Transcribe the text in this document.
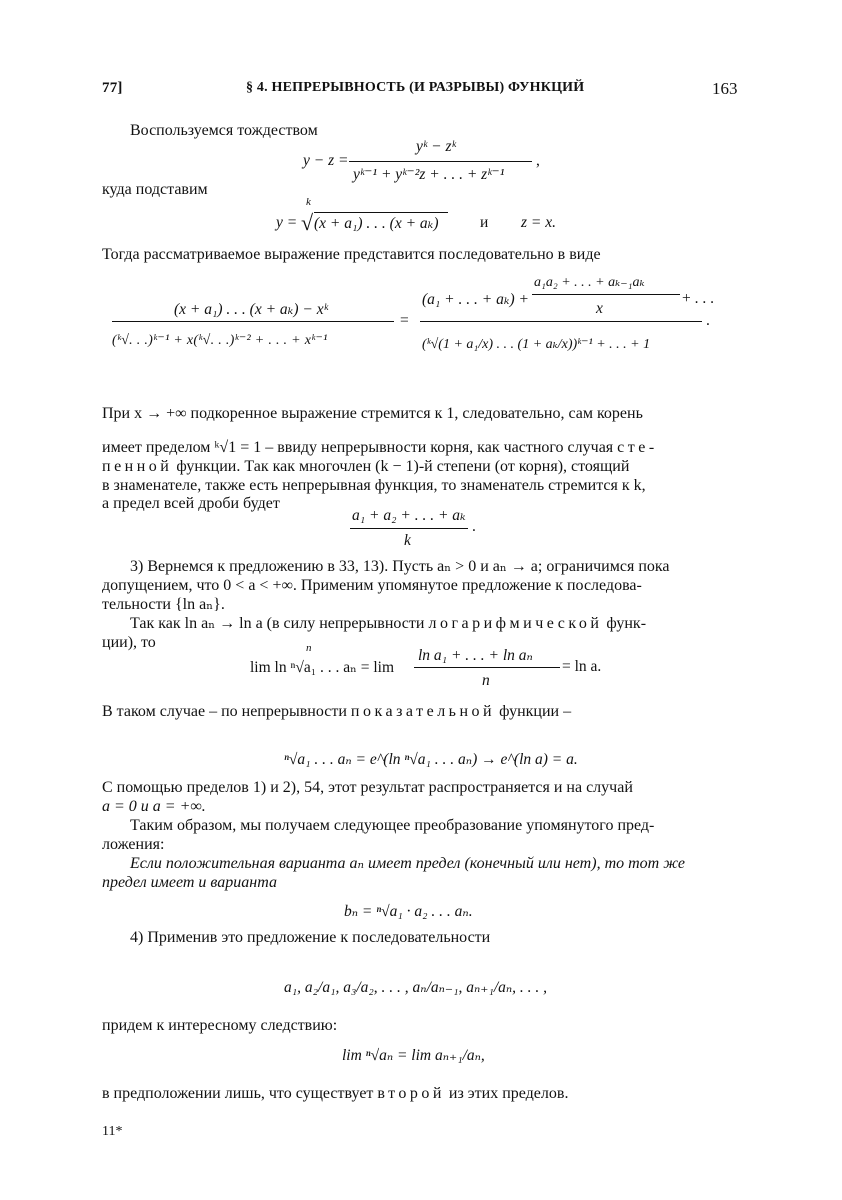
77]	§ 4. НЕПРЕРЫВНОСТЬ (И РАЗРЫВЫ) ФУНКЦИЙ	163
Воспользуемся тождеством
y − z =
yᵏ − zᵏ
yᵏ⁻¹ + yᵏ⁻²z + . . . + zᵏ⁻¹
,
куда подставим
k
y = √ (x + a₁) . . . (x + aₖ)	и z = x.
Тогда рассматриваемое выражение представится последовательно в виде
(x + a₁) . . . (x + aₖ) − xᵏ
(ᵏ√. . .)ᵏ⁻¹ + x(ᵏ√. . .)ᵏ⁻² + . . . + xᵏ⁻¹
=
(a₁ + . . . + aₖ) +
a₁a₂ + . . . + aₖ₋₁aₖ
x
+ . . .
(ᵏ√(1 + a₁/x) . . . (1 + aₖ/x))ᵏ⁻¹ + . . . + 1
.
При x → +∞ подкоренное выражение стремится к 1, следовательно, сам корень
имеет пределом ᵏ√1 = 1 – ввиду непрерывности корня, как частного случая сте-
пенной функции. Так как многочлен (k − 1)-й степени (от корня), стоящий
в знаменателе, также есть непрерывная функция, то знаменатель стремится к k,
а предел всей дроби будет
a₁ + a₂ + . . . + aₖ
k
.
3) Вернемся к предложению в 33, 13). Пусть aₙ > 0 и aₙ → a; ограничимся пока
допущением, что 0 < a < +∞. Применим упомянутое предложение к последова-
тельности {ln aₙ}.
Так как ln aₙ → ln a (в силу непрерывности логарифмической функ-
ции), то	n
lim ln ⁿ√a₁ . . . aₙ = lim
ln a₁ + . . . + ln aₙ
n
= ln a.
В таком случае – по непрерывности показательной функции –
ⁿ√a₁ . . . aₙ = e^(ln ⁿ√a₁ . . . aₙ) → e^(ln a) = a.
С помощью пределов 1) и 2), 54, этот результат распространяется и на случай
a = 0 и a = +∞.
Таким образом, мы получаем следующее преобразование упомянутого пред-
ложения:
Если положительная варианта aₙ имеет предел (конечный или нет), то тот же
предел имеет и варианта
bₙ = ⁿ√a₁ · a₂ . . . aₙ.
4) Применив это предложение к последовательности
a₁, a₂/a₁, a₃/a₂, . . . , aₙ/aₙ₋₁, aₙ₊₁/aₙ, . . . ,
придем к интересному следствию:
lim ⁿ√aₙ = lim aₙ₊₁/aₙ,
в предположении лишь, что существует второй из этих пределов.
11*
